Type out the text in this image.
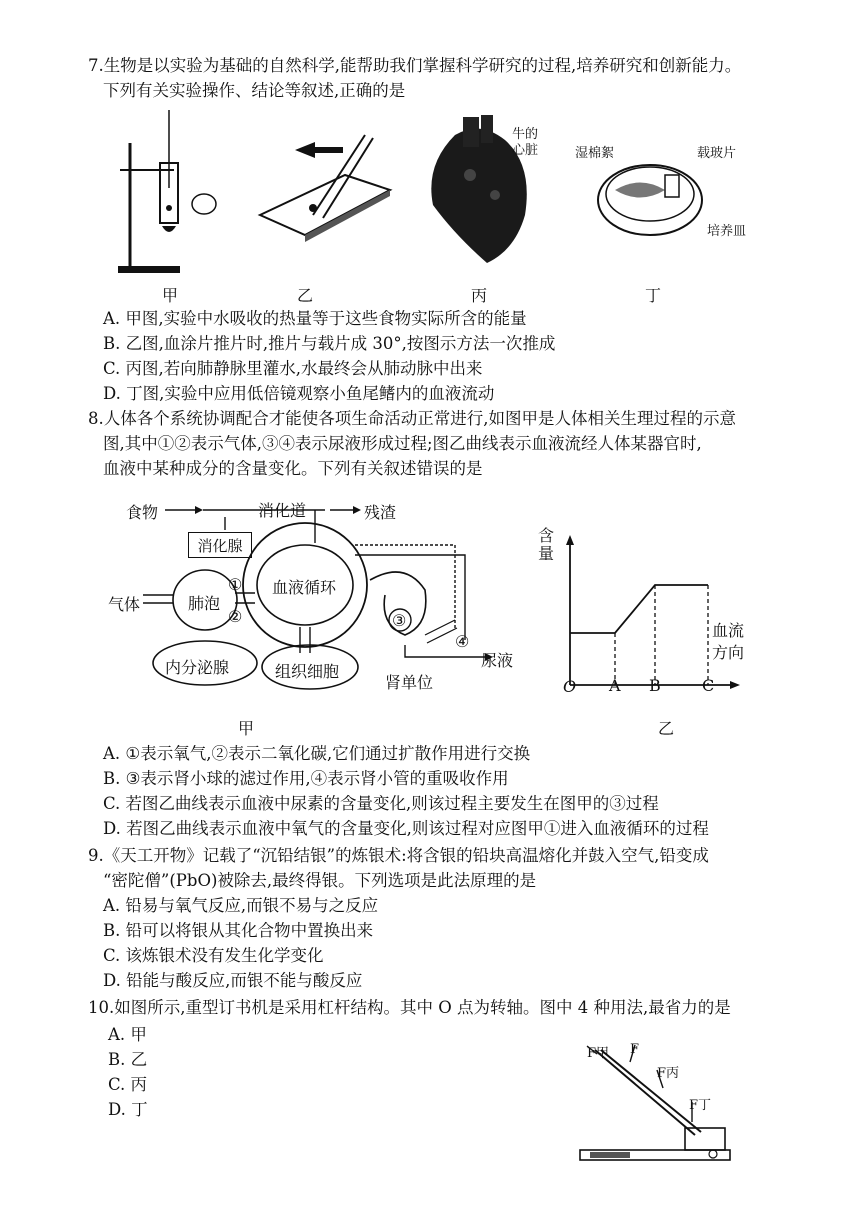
7.生物是以实验为基础的自然科学,能帮助我们掌握科学研究的过程,培养研究和创新能力。
下列有关实验操作、结论等叙述,正确的是
牛的
心脏	湿棉絮	载玻片
培养皿
甲	乙	丙	丁
A. 甲图,实验中水吸收的热量等于这些食物实际所含的能量
B. 乙图,血涂片推片时,推片与载片成 30°,按图示方法一次推成
C. 丙图,若向肺静脉里灌水,水最终会从肺动脉中出来
D. 丁图,实验中应用低倍镜观察小鱼尾鳍内的血液流动
8.人体各个系统协调配合才能使各项生命活动正常进行,如图甲是人体相关生理过程的示意
图,其中①②表示气体,③④表示尿液形成过程;图乙曲线表示血液流经人体某器官时,
血液中某种成分的含量变化。下列有关叙述错误的是
食物	消化道	残渣
消化腺
气体	肺泡
①
②
血液循环
③
④
尿液
内分泌腺	组织细胞
肾单位
甲
含量
血流方向
O A B	C
乙
A. ①表示氧气,②表示二氧化碳,它们通过扩散作用进行交换
B. ③表示肾小球的滤过作用,④表示肾小管的重吸收作用
C. 若图乙曲线表示血液中尿素的含量变化,则该过程主要发生在图甲的③过程
D. 若图乙曲线表示血液中氧气的含量变化,则该过程对应图甲①进入血液循环的过程
9.《天工开物》记载了“沉铅结银”的炼银术:将含银的铅块高温熔化并鼓入空气,铅变成
“密陀僧”(PbO)被除去,最终得银。下列选项是此法原理的是
A. 铅易与氧气反应,而银不易与之反应
B. 铅可以将银从其化合物中置换出来
C. 该炼银术没有发生化学变化
D. 铅能与酸反应,而银不能与酸反应
10.如图所示,重型订书机是采用杠杆结构。其中 O 点为转轴。图中 4 种用法,最省力的是
A. 甲
B. 乙
C. 丙
D. 丁
F甲 F
F丙
F丁
